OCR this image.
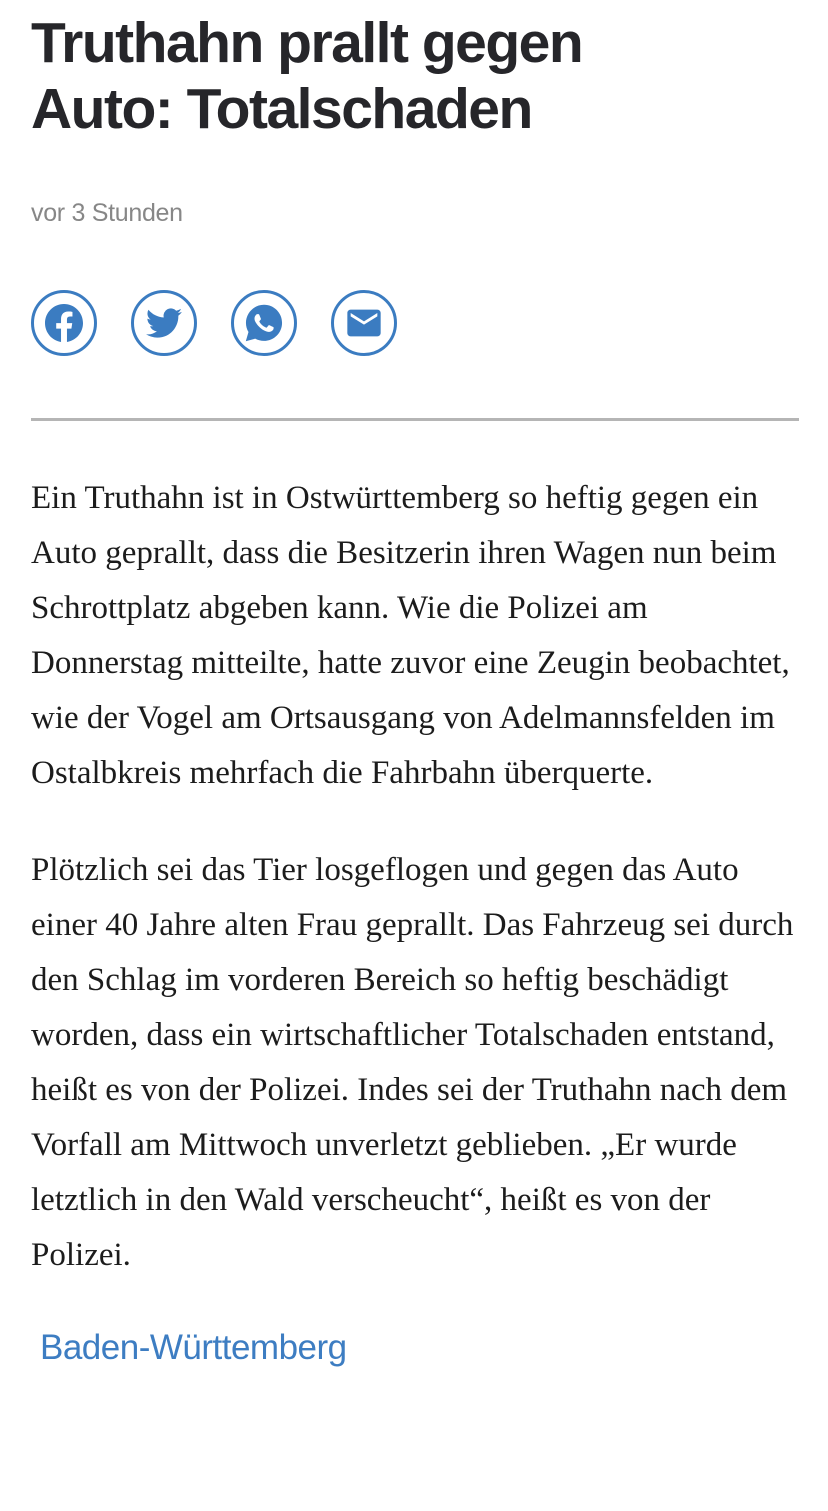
Truthahn prallt gegen Auto: Totalschaden
vor 3 Stunden

Ein Truthahn ist in Ostwürttemberg so heftig gegen ein Auto geprallt, dass die Besitzerin ihren Wagen nun beim Schrottplatz abgeben kann. Wie die Polizei am Donnerstag mitteilte, hatte zuvor eine Zeugin beobachtet, wie der Vogel am Ortsausgang von Adelmannsfelden im Ostalbkreis mehrfach die Fahrbahn überquerte.

Plötzlich sei das Tier losgeflogen und gegen das Auto einer 40 Jahre alten Frau geprallt. Das Fahrzeug sei durch den Schlag im vorderen Bereich so heftig beschädigt worden, dass ein wirtschaftlicher Totalschaden entstand, heißt es von der Polizei. Indes sei der Truthahn nach dem Vorfall am Mittwoch unverletzt geblieben. „Er wurde letztlich in den Wald verscheucht“, heißt es von der Polizei.

Baden-Württemberg
